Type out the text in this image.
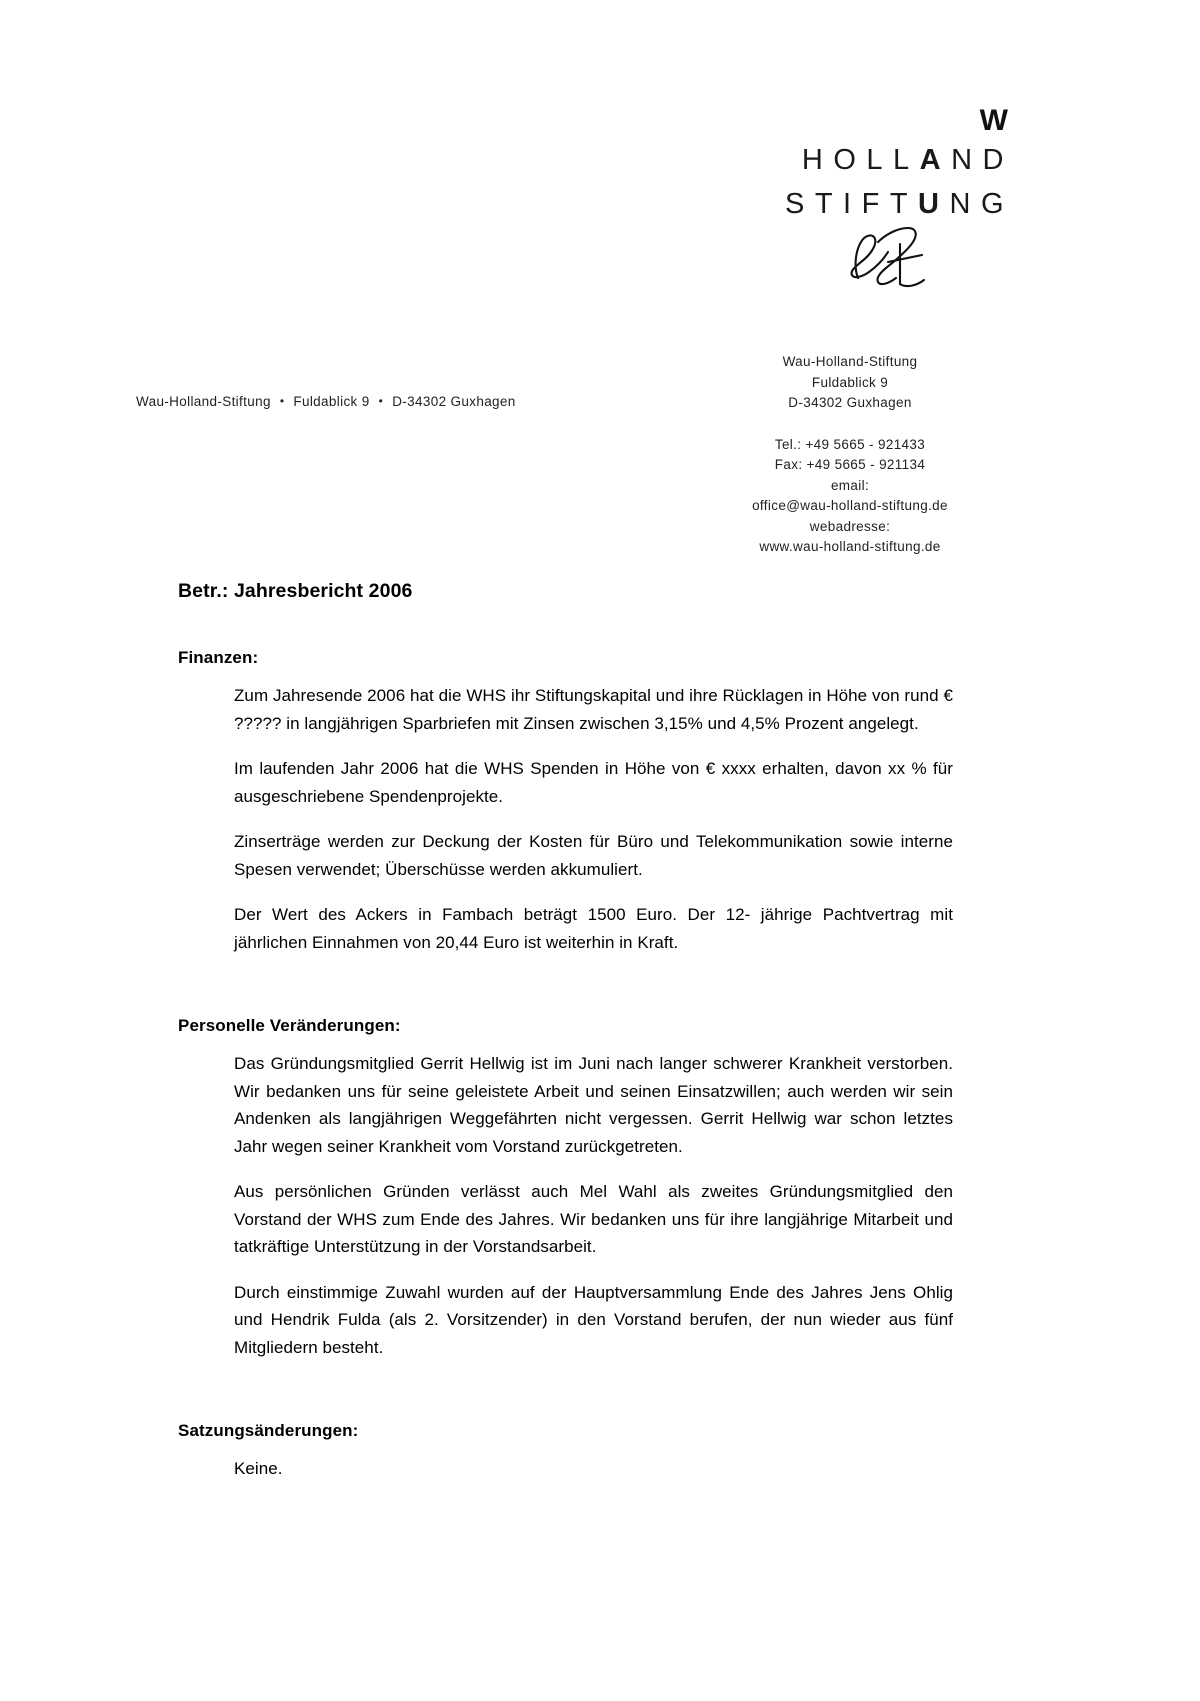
W
HOLLAND
STIFTUNG
Wau-Holland-Stiftung • Fuldablick 9 • D-34302 Guxhagen
Wau-Holland-Stiftung
Fuldablick 9
D-34302 Guxhagen
Tel.: +49 5665 - 921433
Fax: +49 5665 - 921134
email:
office@wau-holland-stiftung.de
webadresse:
www.wau-holland-stiftung.de
Betr.: Jahresbericht 2006
Finanzen:

Zum Jahresende 2006 hat die WHS ihr Stiftungskapital und ihre Rücklagen in Höhe von rund € ????? in langjährigen Sparbriefen mit Zinsen zwischen 3,15% und 4,5% Prozent angelegt.

Im laufenden Jahr 2006 hat die WHS Spenden in Höhe von € xxxx erhalten, davon xx % für ausgeschriebene Spendenprojekte.

Zinserträge werden zur Deckung der Kosten für Büro und Telekommunikation sowie interne Spesen verwendet; Überschüsse werden akkumuliert.

Der Wert des Ackers in Fambach beträgt 1500 Euro. Der 12- jährige Pachtvertrag mit jährlichen Einnahmen von 20,44 Euro ist weiterhin in Kraft.

Personelle Veränderungen:

Das Gründungsmitglied Gerrit Hellwig ist im Juni nach langer schwerer Krankheit verstorben. Wir bedanken uns für seine geleistete Arbeit und seinen Einsatzwillen; auch werden wir sein Andenken als langjährigen Weggefährten nicht vergessen. Gerrit Hellwig war schon letztes Jahr wegen seiner Krankheit vom Vorstand zurückgetreten.

Aus persönlichen Gründen verlässt auch Mel Wahl als zweites Gründungsmitglied den Vorstand der WHS zum Ende des Jahres. Wir bedanken uns für ihre langjährige Mitarbeit und tatkräftige Unterstützung in der Vorstandsarbeit.

Durch einstimmige Zuwahl wurden auf der Hauptversammlung Ende des Jahres Jens Ohlig und Hendrik Fulda (als 2. Vorsitzender) in den Vorstand berufen, der nun wieder aus fünf Mitgliedern besteht.

Satzungsänderungen:

Keine.
